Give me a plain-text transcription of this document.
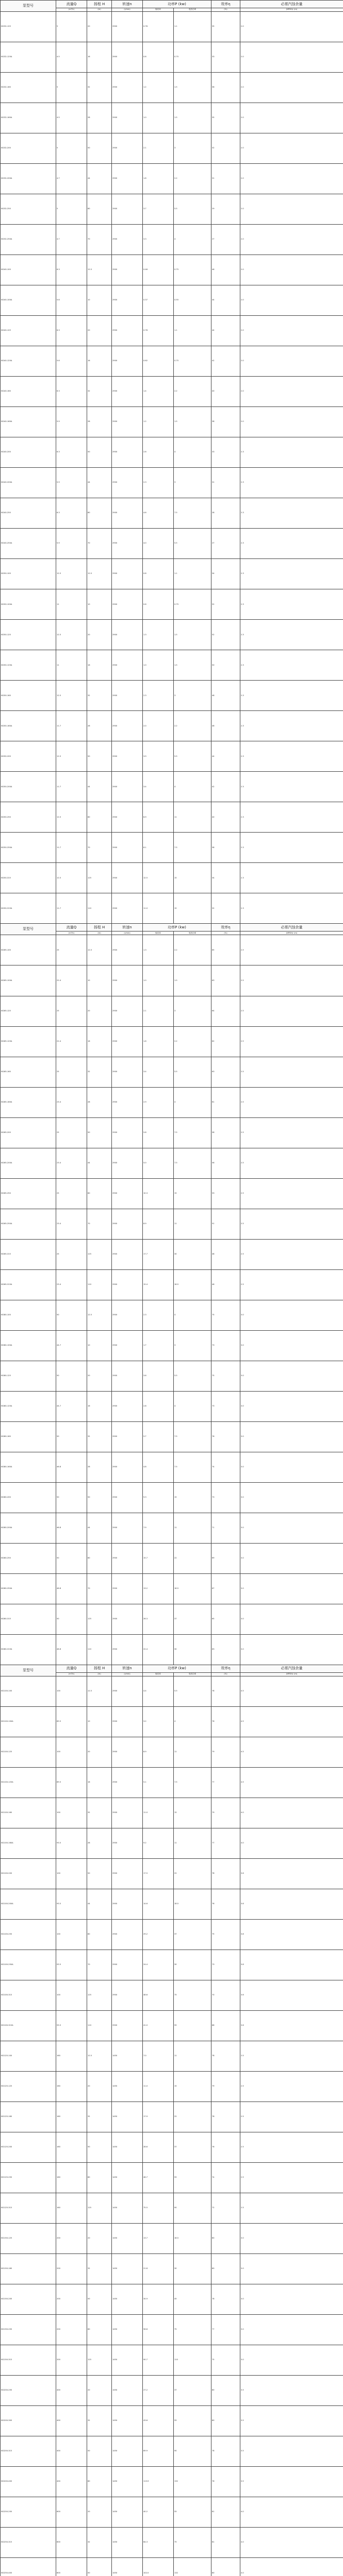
泵型号	流量Q	扬程 H	转速n	功率P (kw)		效率η	必需汽蚀余量
	(m³/h)	(m)	(r/min)	轴功率	电机功率	(%)	(NPSH)r (m)
ISG32-125	5	20	2900	0.76	1.1	35	2.0
ISG32-125A	4.5	16	2900	0.6	0.75	33	2.0
ISG32-160	5	32	2900	1.2	1.5	36	2.0
ISG32-160A	4.5	28	2900	1.0	1.5	35	2.0
ISG32-200	5	50	2900	2.1	3	32	2.0
ISG32-200A	4.7	44	2900	1.8	2.2	31	2.0
ISG32-250	5	80	2900	3.7	5.5	29	2.0
ISG32-250A	4.7	70	2900	3.3	4	27	2.0
ISG40-100	6.3	12.5	2900	0.46	0.75	46	2.0
ISG40-100A	5.6	10	2900	0.37	0.55	44	2.0
ISG40-125	6.3	20	2900	0.78	1.1	44	2.0
ISG40-125A	5.6	16	2900	0.62	0.75	42	2.0
ISG40-160	6.3	32	2900	1.4	2.2	40	2.0
ISG40-160A	5.9	28	2900	1.2	1.5	38	2.0
ISG40-200	6.3	50	2900	2.6	4	33	2.3
ISG40-200A	5.9	44	2900	2.3	3	31	2.3
ISG40-250	6.3	80	2900	4.6	7.5	28	2.3
ISG40-250A	5.9	70	2900	4.0	5.5	27	2.3
ISG50-100	12.5	12.5	2900	0.8	1.1	54	2.3
ISG50-100A	11	10	2900	0.6	0.75	52	2.3
ISG50-125	12.5	20	2900	1.3	1.5	52	2.3
ISG50-125A	11	16	2900	1.0	1.5	50	2.3
ISG50-160	12.5	32	2900	2.3	3	48	2.3
ISG50-160A	11.7	28	2900	2.0	2.2	46	2.3
ISG50-200	12.5	50	2900	3.9	5.5	44	2.3
ISG50-200A	11.7	44	2900	3.4	4	42	2.3
ISG50-250	12.5	80	2900	6.9	11	40	2.3
ISG50-250A	11.7	70	2900	6.1	7.5	38	2.3
ISG50-315	12.5	125	2900	12.5	15	34	2.3
ISG50-315A	11.7	110	2900	11.0	15	32	2.3
泵型号	流量Q	扬程 H	转速n	功率P (kw)		效率η	必需汽蚀余量
	(m³/h)	(m)	(r/min)	轴功率	电机功率	(%)	(NPSH)r (m)
ISG65-100	25	12.5	2900	1.3	2.2	65	2.5
ISG65-100A	22.4	10	2900	1.0	1.5	63	2.5
ISG65-125	25	20	2900	2.1	3	64	2.5
ISG65-125A	22.4	16	2900	1.6	2.2	62	2.5
ISG65-160	25	32	2900	3.4	5.5	63	2.5
ISG65-160A	23.4	28	2900	2.9	4	61	2.5
ISG65-200	25	50	2900	5.8	7.5	58	2.5
ISG65-200A	23.4	44	2900	5.0	7.5	56	2.5
ISG65-250	25	80	2900	10.3	15	53	2.5
ISG65-250A	23.4	70	2900	8.9	11	51	2.5
ISG65-315	25	125	2900	17.7	30	48	2.5
ISG65-315A	23.4	110	2900	15.4	18.5	46	2.5
ISG80-100	50	12.5	2900	2.3	4	75	3.0
ISG80-100A	44.7	10	2900	1.7	3	73	3.0
ISG80-125	50	20	2900	3.6	5.5	75	3.0
ISG80-125A	44.7	16	2900	2.8	4	73	3.0
ISG80-160	50	32	2900	5.7	7.5	76	3.0
ISG80-160A	46.8	28	2900	4.8	7.5	74	3.0
ISG80-200	50	50	2900	9.3	15	73	3.0
ISG80-200A	46.8	44	2900	7.9	11	71	3.0
ISG80-250	50	80	2900	15.7	22	69	3.0
ISG80-250A	46.8	70	2900	13.2	18.5	67	3.0
ISG80-315	50	125	2900	26.3	37	65	3.0
ISG80-315A	46.8	110	2900	22.4	30	63	3.0
泵型号	流量Q	扬程 H	转速n	功率P (kw)		效率η	必需汽蚀余量
	(m³/h)	(m)	(r/min)	轴功率	电机功率	(%)	(NPSH)r (m)
ISG100-100	100	12.5	2900	4.4	5.5	78	4.5
ISG100-100A	89.5	10	2900	3.2	4	76	4.5
ISG100-125	100	20	2900	6.9	11	79	4.5
ISG100-125A	89.5	16	2900	5.1	7.5	77	4.5
ISG100-160	100	32	2900	11.0	15	79	4.0
ISG100-160A	93.5	28	2900	9.2	11	77	4.0
ISG100-200	100	50	2900	17.5	22	78	3.6
ISG100-200A	93.5	44	2900	14.6	18.5	76	3.6
ISG100-250	100	80	2900	29.2	37	75	3.8
ISG100-250A	93.5	70	2900	24.4	30	73	3.8
ISG100-315	100	125	2900	48.6	75	70	3.6
ISG100-315A	93.5	110	2900	41.0	55	68	3.6
ISG125-100	160	12.5	1450	7.0	11	78	2.5
ISG125-125	160	20	1450	11.0	15	79	2.5
ISG125-160	160	32	1450	17.9	22	78	2.5
ISG125-200	160	50	1450	28.6	37	76	2.5
ISG125-250	160	80	1450	46.7	55	74	2.5
ISG125-315	160	125	1450	75.5	90	72	2.5
ISG150-125	200	20	1450	13.7	18.5	80	3.0
ISG150-160	200	32	1450	21.8	30	80	3.0
ISG150-200	200	50	1450	34.9	45	78	3.0
ISG150-250	200	80	1450	56.6	75	77	3.0
ISG150-315	200	125	1450	90.7	110	75	3.0
ISG200-250	400	20	1450	27.2	37	80	3.5
ISG200-300	400	32	1450	43.6	55	80	3.5
ISG200-315	400	50	1450	69.9	90	78	3.5
ISG200-400	400	80	1450	113.9	132	76	3.5
ISG250-250	600	20	1450	40.2	55	81	4.0
ISG250-315	600	32	1450	64.3	75	81	4.0
ISG250-400	600	50	1450	102.0	132	80	4.0
